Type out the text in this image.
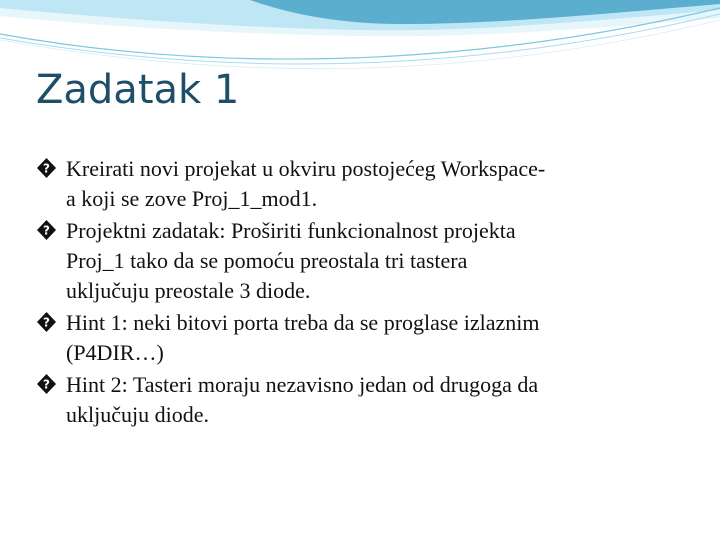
Zadatak 1
? Kreirati novi projekat u okviru postojećeg Workspace-
a koji se zove Proj_1_mod1.
? Projektni zadatak: Proširiti funkcionalnost projekta
Proj_1 tako da se pomoću preostala tri tastera
uključuju preostale 3 diode.
? Hint 1: neki bitovi porta treba da se proglase izlaznim
(P4DIR…)
? Hint 2: Tasteri moraju nezavisno jedan od drugoga da
uključuju diode.
